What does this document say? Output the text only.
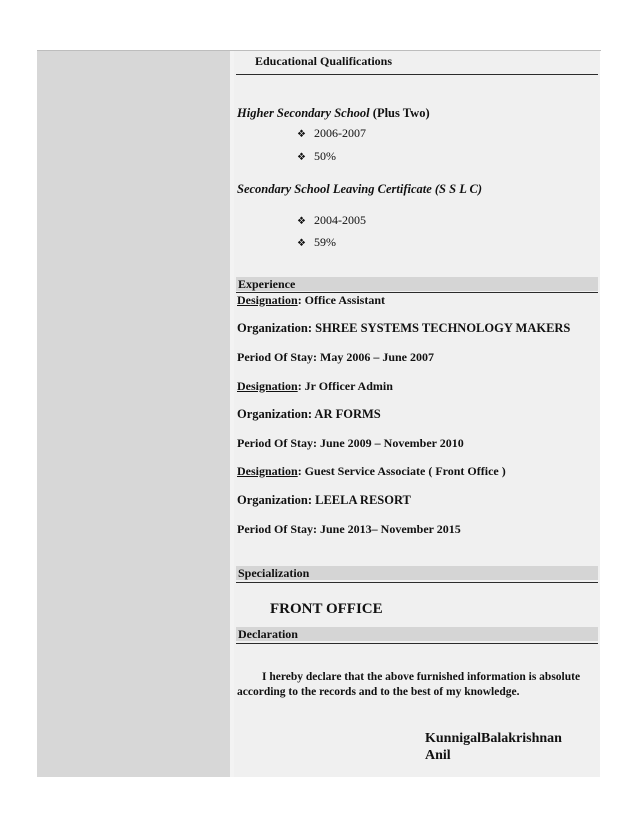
Educational Qualifications
Higher Secondary School (Plus Two)
❖ 2006-2007
❖ 50%
Secondary School Leaving Certificate (S S L C)
❖ 2004-2005
❖ 59%
Experience
Designation: Office Assistant
Organization: SHREE SYSTEMS TECHNOLOGY MAKERS
Period Of Stay: May 2006 – June 2007
Designation: Jr Officer Admin
Organization: AR FORMS
Period Of Stay: June 2009 – November 2010
Designation: Guest Service Associate ( Front Office )
Organization: LEELA RESORT
Period Of Stay: June 2013– November 2015
Specialization
FRONT OFFICE
Declaration
I hereby declare that the above furnished information is absolute
according to the records and to the best of my knowledge.
KunnigalBalakrishnan
Anil
